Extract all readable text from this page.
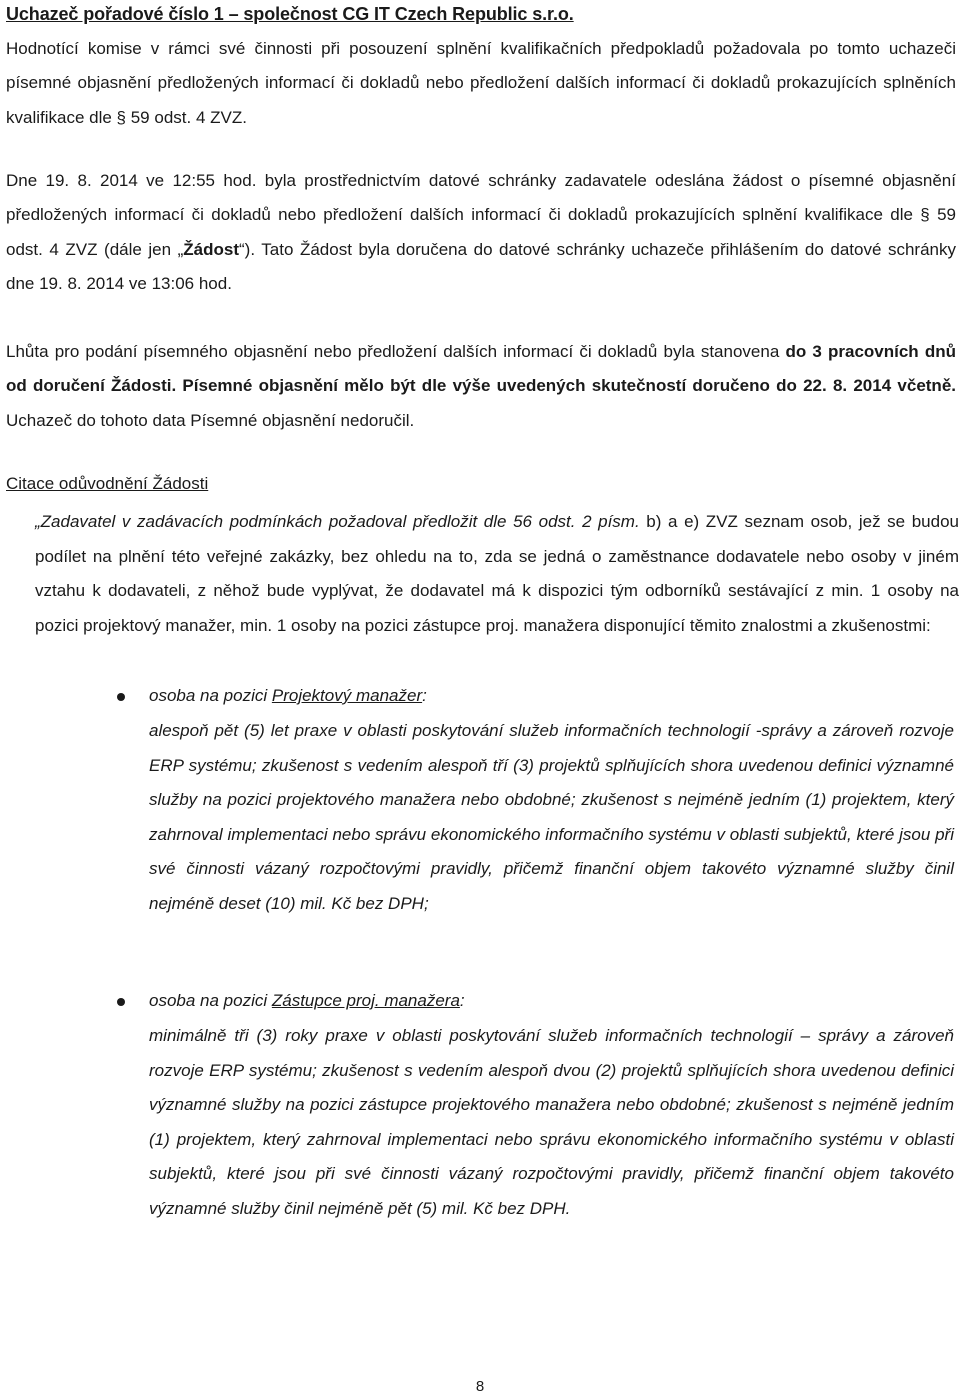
Uchazeč pořadové číslo 1 – společnost CG IT Czech Republic s.r.o.
Hodnotící komise v rámci své činnosti při posouzení splnění kvalifikačních předpokladů požadovala po tomto uchazeči písemné objasnění předložených informací či dokladů nebo předložení dalších informací či dokladů prokazujících splněních kvalifikace dle § 59 odst. 4 ZVZ.
Dne 19. 8. 2014 ve 12:55 hod. byla prostřednictvím datové schránky zadavatele odeslána žádost o písemné objasnění předložených informací či dokladů nebo předložení dalších informací či dokladů prokazujících splnění kvalifikace dle § 59 odst. 4 ZVZ (dále jen „Žádost“). Tato Žádost byla doručena do datové schránky uchazeče přihlášením do datové schránky dne 19. 8. 2014 ve 13:06 hod.
Lhůta pro podání písemného objasnění nebo předložení dalších informací či dokladů byla stanovena do 3 pracovních dnů od doručení Žádosti. Písemné objasnění mělo být dle výše uvedených skutečností doručeno do 22. 8. 2014 včetně. Uchazeč do tohoto data Písemné objasnění nedoručil.
Citace odůvodnění Žádosti
„Zadavatel v zadávacích podmínkách požadoval předložit dle 56 odst. 2 písm. b) a e) ZVZ seznam osob, jež se budou podílet na plnění této veřejné zakázky, bez ohledu na to, zda se jedná o zaměstnance dodavatele nebo osoby v jiném vztahu k dodavateli, z něhož bude vyplývat, že dodavatel má k dispozici tým odborníků sestávající z min. 1 osoby na pozici projektový manažer, min. 1 osoby na pozici zástupce proj. manažera disponující těmito znalostmi a zkušenostmi:
osoba na pozici Projektový manažer:
alespoň pět (5) let praxe v oblasti poskytování služeb informačních technologií -správy a zároveň rozvoje ERP systému; zkušenost s vedením alespoň tří (3) projektů splňujících shora uvedenou definici významné služby na pozici projektového manažera nebo obdobné; zkušenost s nejméně jedním (1) projektem, který zahrnoval implementaci nebo správu ekonomického informačního systému v oblasti subjektů, které jsou při své činnosti vázaný rozpočtovými pravidly, přičemž finanční objem takovéto významné služby činil nejméně deset (10) mil. Kč bez DPH;
osoba na pozici Zástupce proj. manažera:
minimálně tři (3) roky praxe v oblasti poskytování služeb informačních technologií – správy a zároveň rozvoje ERP systému; zkušenost s vedením alespoň dvou (2) projektů splňujících shora uvedenou definici významné služby na pozici zástupce projektového manažera nebo obdobné; zkušenost s nejméně jedním (1) projektem, který zahrnoval implementaci nebo správu ekonomického informačního systému v oblasti subjektů, které jsou při své činnosti vázaný rozpočtovými pravidly, přičemž finanční objem takovéto významné služby činil nejméně pět (5) mil. Kč bez DPH.
8
